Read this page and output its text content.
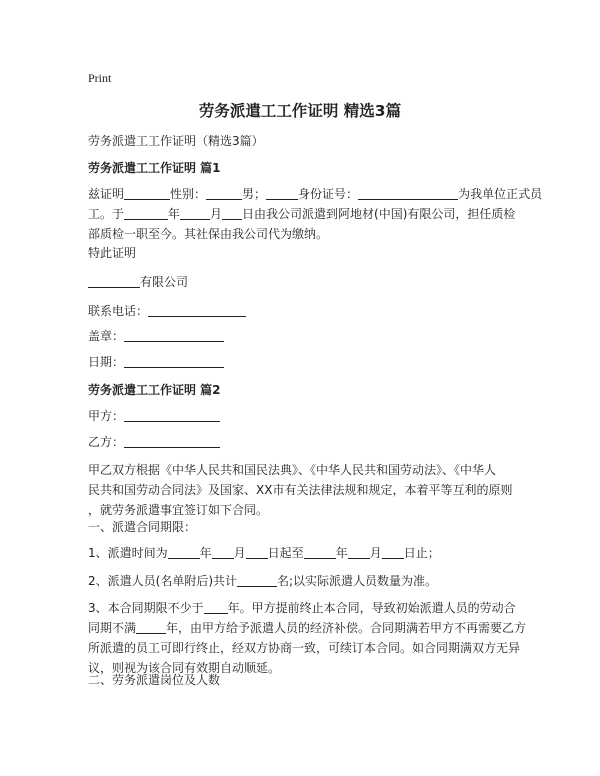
Print
劳务派遣工工作证明 精选3篇
劳务派遣工工作证明（精选3篇）
劳务派遣工工作证明 篇1
兹证明	性别：	男；	身份证号：	为我单位正式员
工。于	年	月 日由我公司派遣到阿地材(中国)有限公司，担任质检
部质检一职至今。其社保由我公司代为缴纳。
特此证明
有限公司
联系电话：
盖章：
日期：
劳务派遣工工作证明 篇2
甲方：
乙方：
甲乙双方根据《中华人民共和国民法典》、《中华人民共和国劳动法》、《中华人
民共和国劳动合同法》及国家、XX市有关法律法规和规定，本着平等互利的原则
，就劳务派遣事宜签订如下合同。
一、派遣合同期限：
1、派遣时间为	年 月 日起至	年 月 日止；
2、派遣人员(名单附后)共计	名;以实际派遣人员数量为准。
3、本合同期限不少于 年。甲方提前终止本合同，导致初始派遣人员的劳动合
同期不满	年，由甲方给予派遣人员的经济补偿。合同期满若甲方不再需要乙方
所派遣的员工可即行终止，经双方协商一致，可续订本合同。如合同期满双方无异
议，则视为该合同有效期自动顺延。
二、劳务派遣岗位及人数
